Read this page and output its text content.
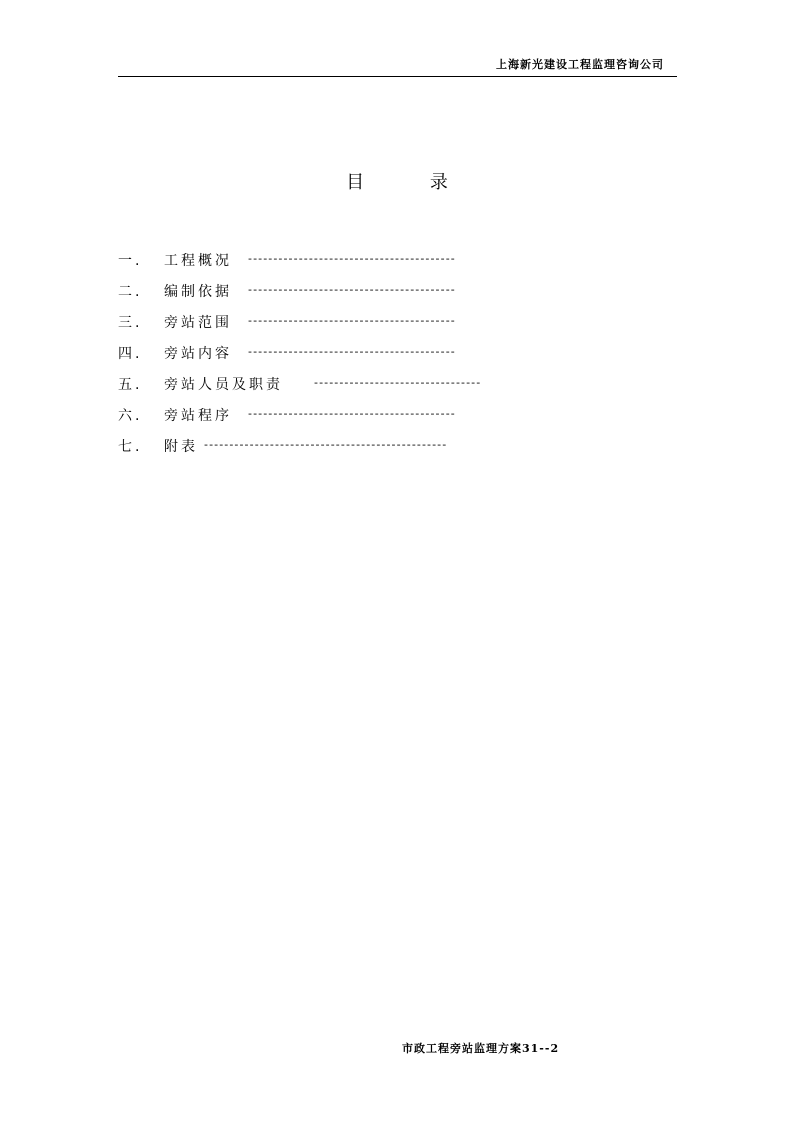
上海新光建设工程监理咨询公司
目 录
一.	工程概况 -----------------------------------------
二.	编制依据 -----------------------------------------
三.	旁站范围 -----------------------------------------
四.	旁站内容 -----------------------------------------
五.	旁站人员及职责	---------------------------------
六.	旁站程序 -----------------------------------------
七.	附表 ------------------------------------------------
市政工程旁站监理方案31--2
